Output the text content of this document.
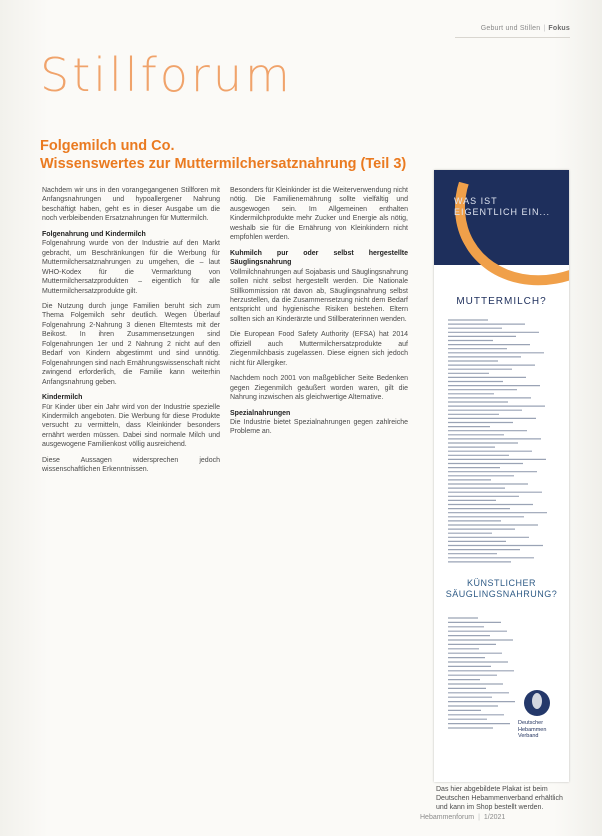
Geburt und Stillen | Fokus
Stillforum
Folgemilch und Co.
Wissenswertes zur Muttermilchersatznahrung (Teil 3)

Nachdem wir uns in den vorangegangenen Stillforen mit Anfangsnahrungen und hypoallergener Nahrung beschäftigt haben, geht es in dieser Ausgabe um die noch verbleibenden Ersatznahrungen für Muttermilch.

Folgenahrung und Kindermilch

Folgenahrung wurde von der Industrie auf den Markt gebracht, um Beschränkungen für die Werbung für Muttermilchersatznahrungen zu umgehen, die – laut WHO-Kodex für die Vermarktung von Muttermilchersatzprodukten – eigentlich für alle Muttermilchersatzprodukte gilt.

Die Nutzung durch junge Familien beruht sich zum Thema Folgemilch sehr deutlich. Wegen Überlauf Folgenahrung 2-Nahrung 3 dienen Elterntests mit der Beikost. In ihren Zusammensetzungen sind Folgenahrungen 1er und 2 Nahrung 2 nicht auf den Bedarf von Kindern abgestimmt und sind unnötig. Folgenahrungen sind nach Ernährungswissenschaft nicht zwingend erforderlich, die Familie kann weiterhin Anfangsnahrung geben.

Kindermilch

Für Kinder über ein Jahr wird von der Industrie spezielle Kindermilch angeboten. Die Werbung für diese Produkte versucht zu vermitteln, dass Kleinkinder besonders ernährt werden müssen. Dabei sind normale Milch und ausgewogene Familienkost völlig ausreichend.

Diese Aussagen widersprechen jedoch wissenschaftlichen Erkenntnissen.

Besonders für Kleinkinder ist die Weiterverwendung nicht nötig. Die Familienernährung sollte vielfältig und ausgewogen sein. Im Allgemeinen enthalten Kindermilchprodukte mehr Zucker und Energie als nötig, weshalb sie für die Ernährung von Kleinkindern nicht empfohlen werden.

Kuhmilch pur oder selbst hergestellte Säuglingsnahrung

Vollmilchnahrungen auf Sojabasis und Säuglingsnahrung sollen nicht selbst hergestellt werden. Die Nationale Stillkommission rät davon ab, Säuglingsnahrung selbst herzustellen, da die Zusammensetzung nicht dem Bedarf entspricht und hygienische Risiken bestehen. Eltern sollten sich an Kinderärzte und Stillberaterinnen wenden.

Die European Food Safety Authority (EFSA) hat 2014 offiziell auch Muttermilchersatzprodukte auf Ziegenmilchbasis zugelassen. Diese eignen sich jedoch nicht für Allergiker.

Nachdem noch 2001 von maßgeblicher Seite Bedenken gegen Ziegenmilch geäußert worden waren, gilt die Nahrung inzwischen als gleichwertige Alternative.

Spezialnahrungen

Die Industrie bietet Spezialnahrungen gegen zahlreiche Probleme an.

WAS IST EIGENTLICH EIN...
MUTTERMILCH?
KÜNSTLICHER SÄUGLINGSNAHRUNG?
Deutscher Hebammen Verband
Das hier abgebildete Plakat ist beim Deutschen Hebammenverband erhältlich und kann im Shop bestellt werden.
Hebammenforum | 1/2021
